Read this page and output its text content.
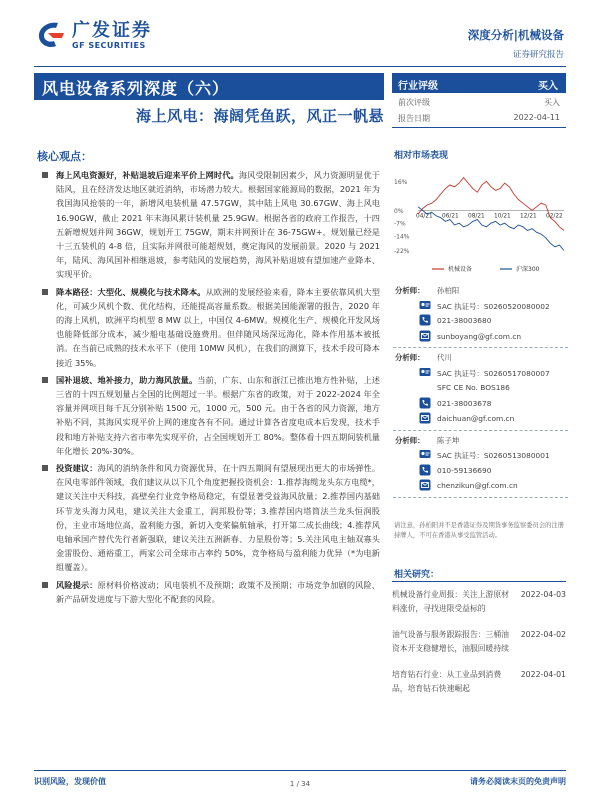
广发证券
GF SECURITIES
深度分析|机械设备
证券研究报告
风电设备系列深度（六）
海上风电：海阔凭鱼跃，风正一帆悬
行业评级	买入
前次评级	买入
报告日期	2022-04-11
核心观点：
海上风电资源好，补贴退坡后迎来平价上网时代。海风受限制因素少，风力资源明显优于陆风，且在经济发达地区就近消纳，市场潜力较大。根据国家能源局的数据，2021 年为我国海风抢装的一年，新增风电装机量 47.57GW，其中陆上风电 30.67GW、海上风电 16.90GW，截止 2021 年末海风累计装机量 25.9GW。根据各省的政府工作报告，十四五新增规划并网 36GW，规划开工 75GW，期末并网预计在 36-75GW+，规划量已经是十三五装机的 4-8 倍，且实际并网很可能超规划，奠定海风的发展前景。2020 与 2021 年，陆风、海风国补相继退坡，参考陆风的发展趋势，海风补贴退坡有望加速产业降本、实现平价。
降本路径：大型化、规模化与技术降本。从欧洲的发展经验来看，降本主要依靠风机大型化，可减少风机个数、优化结构，还能提高容量系数。根据美国能源署的报告，2020 年的海上风机，欧洲平均机型 8 MW 以上，中国仅 4-6MW。规模化生产、规模化开发风场也能降低部分成本，减少船电基础设施费用。但伴随风场深远海化，降本作用基本被抵消。在当前已成熟的技术水平下（使用 10MW 风机），在我们的测算下，技术手段可降本接近 35%。
国补退坡、地补接力，助力海风放量。当前，广东、山东和浙江已推出地方性补贴，上述三省的十四五规划量占全国的比例超过一半。根据广东省的政策，对于 2022-2024 年全容量并网项目每千瓦分别补贴 1500 元，1000 元，500 元。由于各省的风力资源，地方补贴不同，其海风实现平价上网的速度各有不同。通过计算各省度电成本后发现，技术手段和地方补贴支持六省市率先实现平价，占全国规划开工 80%。整体看十四五期间装机量年化增长 20%-30%。
投资建议：海风的消纳条件和风力资源优异，在十四五期间有望展现出更大的市场弹性。在风电零部件领域，我们建议从以下几个角度把握投资机会：1.推荐海缆龙头东方电缆*，建议关注中天科技，高壁垒行业竞争格局稳定，有望显著受益海风放量；2.推荐国内基础环节龙头海力风电，建议关注大金重工，润邦股份等；3.推荐国内塔筒法兰龙头恒润股份，主业市场地位高，盈利能力强，新切入变桨偏航轴承，打开第二成长曲线；4.推荐风电轴承国产替代先行者新强联，建议关注五洲新春、力星股份等；5.关注风电主轴双寡头金雷股份、通裕重工，两家公司全球市占率约 50%，竞争格局与盈利能力优异（*为电新组覆盖）。
风险提示：原材料价格波动；风电装机不及预期；政策不及预期；市场竞争加剧的风险、新产品研发进度与下游大型化不配套的风险。
相对市场表现
16%
0%
-7%
-14%
-22%
04/21 06/21 08/21 10/21 12/21 02/22
机械设备	沪深300
分析师： 孙柏阳
SAC 执证号：S0260520080002
021-38003680
sunboyang@gf.com.cn
分析师： 代川
SAC 执证号：S0260517080007
SFC CE No. BOS186
021-38003678
daichuan@gf.com.cn
分析师： 陈子坤
SAC 执证号：S0260513080001
010-59136690
chenzikun@gf.com.cn
请注意，孙柏阳并不是香港证券及期货事务监察委员会的注册持牌人，不可在香港从事受监管活动。
相关研究：
机械设备行业周报：关注上游原材料涨价，寻找进限受益标的
2022-04-03
油气设备与服务跟踪报告：三桶油资本开支稳健增长，油服回暖持续
2022-04-02
培育钻石行业：从工业品到消费品，培育钻石快速崛起
2022-04-01
识别风险，发现价值	请务必阅读末页的免责声明
1 / 34
